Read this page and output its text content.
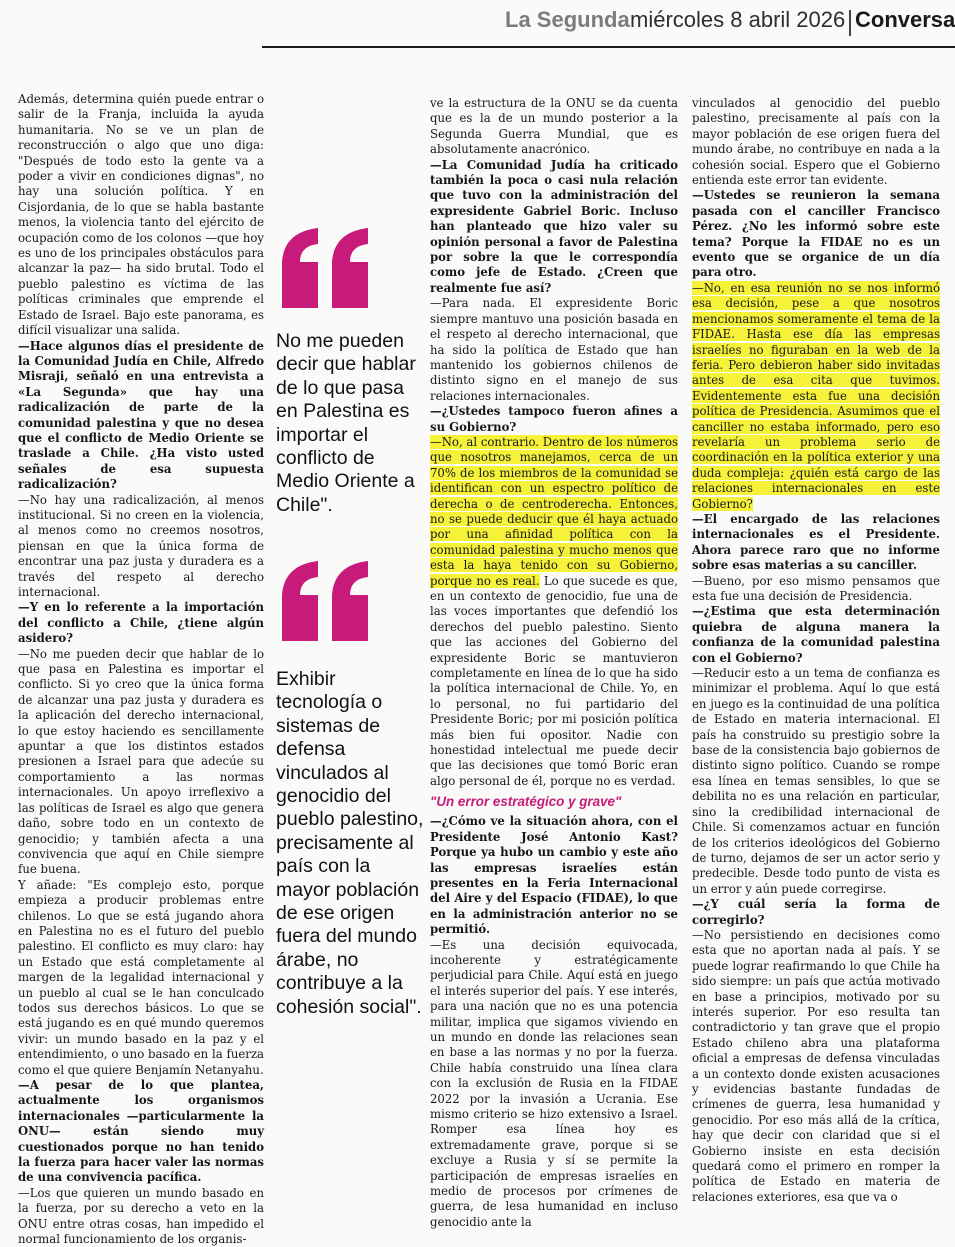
La Segunda miércoles 8 abril 2026 Conversa

Además, determina quién puede entrar o salir de la Franja, incluida la ayuda humanitaria. No se ve un plan de reconstrucción o algo que uno diga: "Después de todo esto la gente va a poder a vivir en condiciones dignas", no hay una solución política. Y en Cisjordania, de lo que se habla bastante menos, la violencia tanto del ejército de ocupación como de los colonos —que hoy es uno de los principales obstáculos para alcanzar la paz— ha sido brutal. Todo el pueblo palestino es víctima de las políticas criminales que emprende el Estado de Israel. Bajo este panorama, es difícil visualizar una salida.

—Hace algunos días el presidente de la Comunidad Judía en Chile, Alfredo Misraji, señaló en una entrevista a «La Segunda» que hay una radicalización de parte de la comunidad palestina y que no desea que el conflicto de Medio Oriente se traslade a Chile. ¿Ha visto usted señales de esa supuesta radicalización?

—No hay una radicalización, al menos institucional. Si no creen en la violencia, al menos como no creemos nosotros, piensan en que la única forma de encontrar una paz justa y duradera es a través del respeto al derecho internacional.

—Y en lo referente a la importación del conflicto a Chile, ¿tiene algún asidero?

—No me pueden decir que hablar de lo que pasa en Palestina es importar el conflicto. Si yo creo que la única forma de alcanzar una paz justa y duradera es la aplicación del derecho internacional, lo que estoy haciendo es sencillamente apuntar a que los distintos estados presionen a Israel para que adecúe su comportamiento a las normas internacionales. Un apoyo irreflexivo a las políticas de Israel es algo que genera daño, sobre todo en un contexto de genocidio; y también afecta a una convivencia que aquí en Chile siempre fue buena.

Y añade: "Es complejo esto, porque empieza a producir problemas entre chilenos. Lo que se está jugando ahora en Palestina no es el futuro del pueblo palestino. El conflicto es muy claro: hay un Estado que está completamente al margen de la legalidad internacional y un pueblo al cual se le han conculcado todos sus derechos básicos. Lo que se está jugando es en qué mundo queremos vivir: un mundo basado en la paz y el entendimiento, o uno basado en la fuerza como el que quiere Benjamín Netanyahu.

—A pesar de lo que plantea, actualmente los organismos internacionales —particularmente la ONU— están siendo muy cuestionados porque no han tenido la fuerza para hacer valer las normas de una convivencia pacífica.

—Los que quieren un mundo basado en la fuerza, por su derecho a veto en la ONU entre otras cosas, han impedido el normal funcionamiento de los organis-

No me pueden decir que hablar de lo que pasa en Palestina es importar el conflicto de Medio Oriente a Chile".
Exhibir tecnología o sistemas de defensa vinculados al genocidio del pueblo palestino, precisamente al país con la mayor población de ese origen fuera del mundo árabe, no contribuye a la cohesión social".

ve la estructura de la ONU se da cuenta que es la de un mundo posterior a la Segunda Guerra Mundial, que es absolutamente anacrónico.

—La Comunidad Judía ha criticado también la poca o casi nula relación que tuvo con la administración del expresidente Gabriel Boric. Incluso han planteado que hizo valer su opinión personal a favor de Palestina por sobre la que le correspondía como jefe de Estado. ¿Creen que realmente fue así?

—Para nada. El expresidente Boric siempre mantuvo una posición basada en el respeto al derecho internacional, que ha sido la política de Estado que han mantenido los gobiernos chilenos de distinto signo en el manejo de sus relaciones internacionales.

—¿Ustedes tampoco fueron afines a su Gobierno?

—No, al contrario. Dentro de los números que nosotros manejamos, cerca de un 70% de los miembros de la comunidad se identifican con un espectro político de derecha o de centroderecha. Entonces, no se puede deducir que él haya actuado por una afinidad política con la comunidad palestina y mucho menos que esta la haya tenido con su Gobierno, porque no es real. Lo que sucede es que, en un contexto de genocidio, fue una de las voces importantes que defendió los derechos del pueblo palestino. Siento que las acciones del Gobierno del expresidente Boric se mantuvieron completamente en línea de lo que ha sido la política internacional de Chile. Yo, en lo personal, no fui partidario del Presidente Boric; por mi posición política más bien fui opositor. Nadie con honestidad intelectual me puede decir que las decisiones que tomó Boric eran algo personal de él, porque no es verdad.

"Un error estratégico y grave"

—¿Cómo ve la situación ahora, con el Presidente José Antonio Kast? Porque ya hubo un cambio y este año las empresas israelíes están presentes en la Feria Internacional del Aire y del Espacio (FIDAE), lo que en la administración anterior no se permitió.

—Es una decisión equivocada, incoherente y estratégicamente perjudicial para Chile. Aquí está en juego el interés superior del país. Y ese interés, para una nación que no es una potencia militar, implica que sigamos viviendo en un mundo en donde las relaciones sean en base a las normas y no por la fuerza. Chile había construido una línea clara con la exclusión de Rusia en la FIDAE 2022 por la invasión a Ucrania. Ese mismo criterio se hizo extensivo a Israel. Romper esa línea hoy es extremadamente grave, porque si se excluye a Rusia y sí se permite la participación de empresas israelíes en medio de procesos por crímenes de guerra, de lesa humanidad en incluso genocidio ante la

vinculados al genocidio del pueblo palestino, precisamente al país con la mayor población de ese origen fuera del mundo árabe, no contribuye en nada a la cohesión social. Espero que el Gobierno entienda este error tan evidente.

—Ustedes se reunieron la semana pasada con el canciller Francisco Pérez. ¿No les informó sobre este tema? Porque la FIDAE no es un evento que se organice de un día para otro.

—No, en esa reunión no se nos informó esa decisión, pese a que nosotros mencionamos someramente el tema de la FIDAE. Hasta ese día las empresas israelíes no figuraban en la web de la feria. Pero debieron haber sido invitadas antes de esa cita que tuvimos. Evidentemente esta fue una decisión política de Presidencia. Asumimos que el canciller no estaba informado, pero eso revelaría un problema serio de coordinación en la política exterior y una duda compleja: ¿quién está cargo de las relaciones internacionales en este Gobierno?

—El encargado de las relaciones internacionales es el Presidente. Ahora parece raro que no informe sobre esas materias a su canciller.

—Bueno, por eso mismo pensamos que esta fue una decisión de Presidencia.

—¿Estima que esta determinación quiebra de alguna manera la confianza de la comunidad palestina con el Gobierno?

—Reducir esto a un tema de confianza es minimizar el problema. Aquí lo que está en juego es la continuidad de una política de Estado en materia internacional. El país ha construido su prestigio sobre la base de la consistencia bajo gobiernos de distinto signo político. Cuando se rompe esa línea en temas sensibles, lo que se debilita no es una relación en particular, sino la credibilidad internacional de Chile. Si comenzamos actuar en función de los criterios ideológicos del Gobierno de turno, dejamos de ser un actor serio y predecible. Desde todo punto de vista es un error y aún puede corregirse.

—¿Y cuál sería la forma de corregirlo?

—No persistiendo en decisiones como esta que no aportan nada al país. Y se puede lograr reafirmando lo que Chile ha sido siempre: un país que actúa motivado en base a principios, motivado por su interés superior. Por eso resulta tan contradictorio y tan grave que el propio Estado chileno abra una plataforma oficial a empresas de defensa vinculadas a un contexto donde existen acusaciones y evidencias bastante fundadas de crímenes de guerra, lesa humanidad y genocidio. Por eso más allá de la crítica, hay que decir con claridad que si el Gobierno insiste en esta decisión quedará como el primero en romper la política de Estado en materia de relaciones exteriores, esa que va o
